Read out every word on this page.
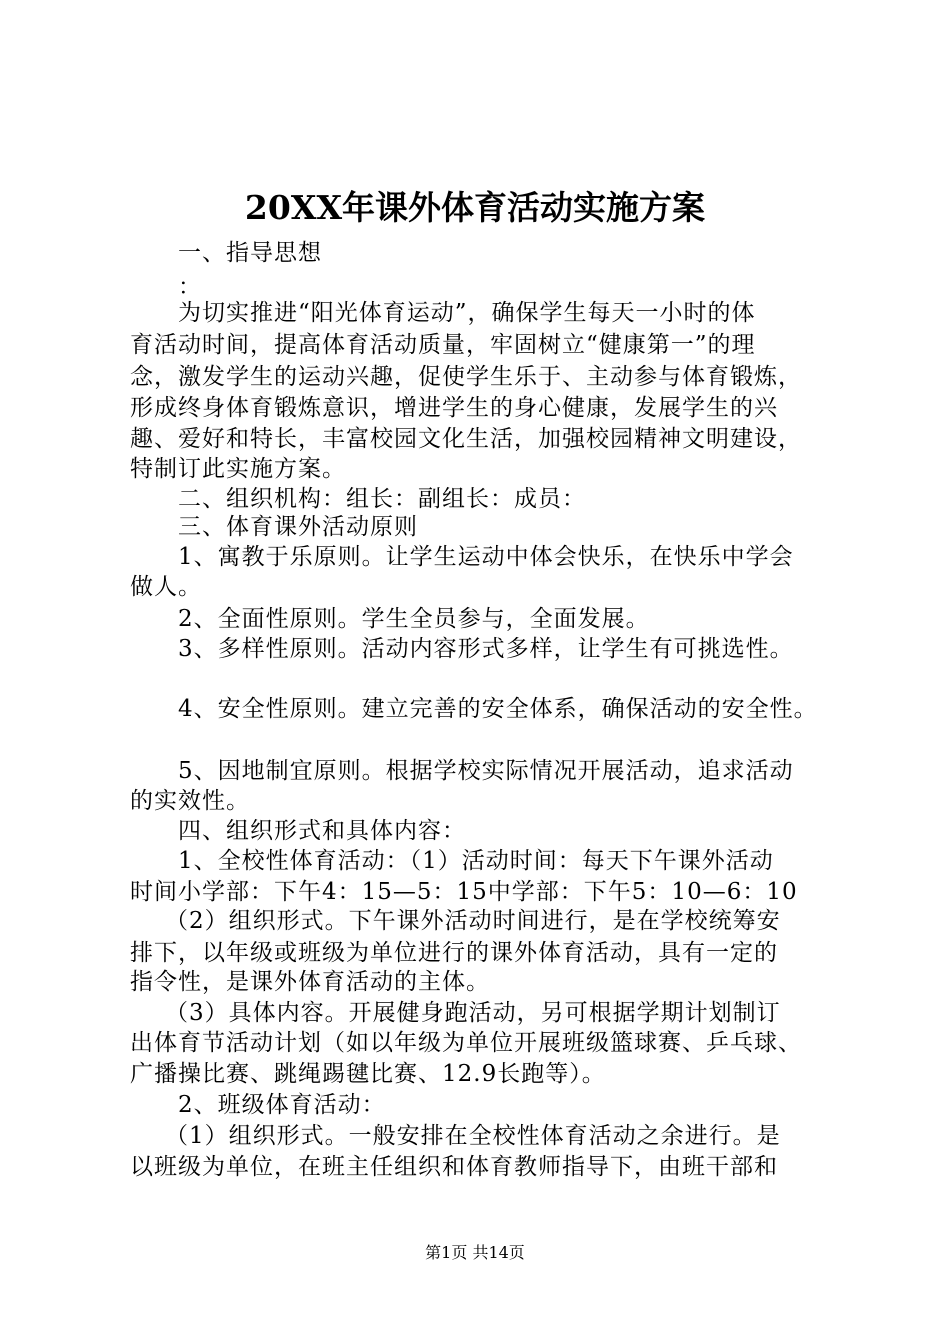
20XX年课外体育活动实施方案
一、指导思想
：
为切实推进“阳光体育运动”，确保学生每天一小时的体
育活动时间，提高体育活动质量，牢固树立“健康第一”的理
念，激发学生的运动兴趣，促使学生乐于、主动参与体育锻炼，
形成终身体育锻炼意识，增进学生的身心健康，发展学生的兴
趣、爱好和特长，丰富校园文化生活，加强校园精神文明建设，
特制订此实施方案。
二、组织机构：组长：副组长：成员：
三、体育课外活动原则
1、寓教于乐原则。让学生运动中体会快乐，在快乐中学会
做人。
2、全面性原则。学生全员参与，全面发展。
3、多样性原则。活动内容形式多样，让学生有可挑选性。
4、安全性原则。建立完善的安全体系，确保活动的安全性。
5、因地制宜原则。根据学校实际情况开展活动，追求活动
的实效性。
四、组织形式和具体内容：
1、全校性体育活动：（1）活动时间：每天下午课外活动
时间小学部：下午4：15—5：15中学部：下午5：10—6：10
（2）组织形式。下午课外活动时间进行，是在学校统筹安
排下，以年级或班级为单位进行的课外体育活动，具有一定的
指令性，是课外体育活动的主体。
（3）具体内容。开展健身跑活动，另可根据学期计划制订
出体育节活动计划（如以年级为单位开展班级篮球赛、乒乓球、
广播操比赛、跳绳踢毽比赛、12.9长跑等）。
2、班级体育活动：
（1）组织形式。一般安排在全校性体育活动之余进行。是
以班级为单位，在班主任组织和体育教师指导下，由班干部和
第1页 共14页
